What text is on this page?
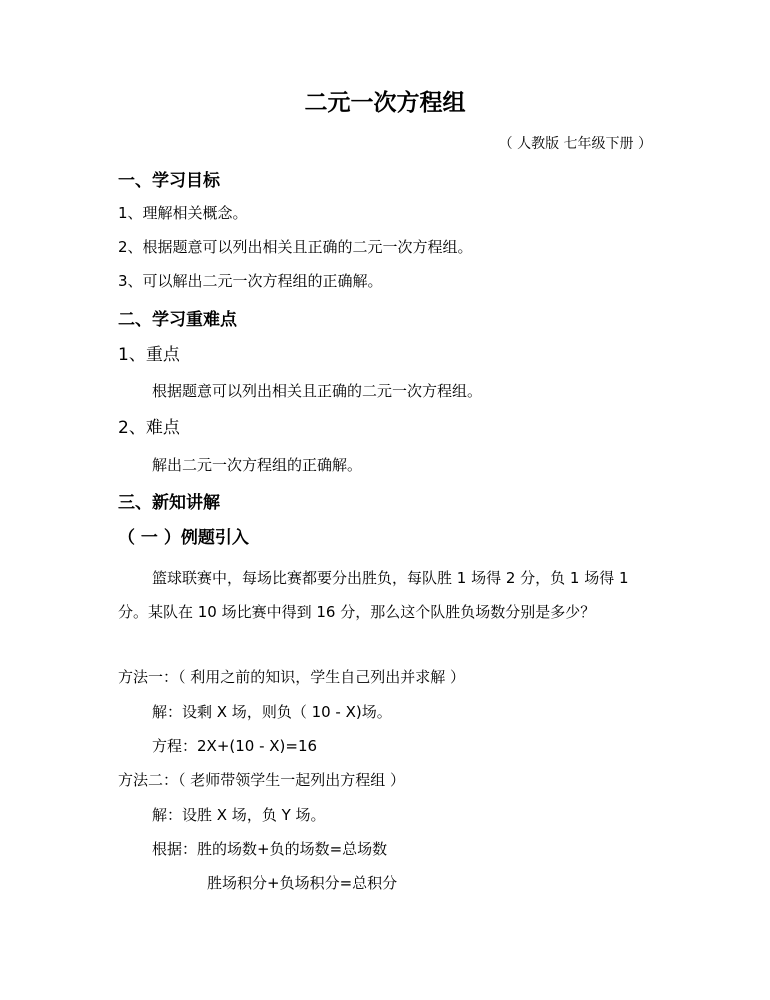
二元一次方程组
（ 人教版 七年级下册 ）
一、学习目标
1、理解相关概念。
2、根据题意可以列出相关且正确的二元一次方程组。
3、可以解出二元一次方程组的正确解。
二、学习重难点
1、重点
根据题意可以列出相关且正确的二元一次方程组。
2、难点
解出二元一次方程组的正确解。
三、新知讲解
（ 一 ）例题引入
篮球联赛中，每场比赛都要分出胜负，每队胜 1 场得 2 分，负 1 场得 1 分。某队在 10 场比赛中得到 16 分，那么这个队胜负场数分别是多少？
方法一：（ 利用之前的知识，学生自己列出并求解 ）
解：设剩 X 场，则负（ 10 - X)场。
方程：2X+(10 - X)=16
方法二：（ 老师带领学生一起列出方程组 ）
解：设胜 X 场，负 Y 场。
根据：胜的场数+负的场数=总场数
胜场积分+负场积分=总积分
